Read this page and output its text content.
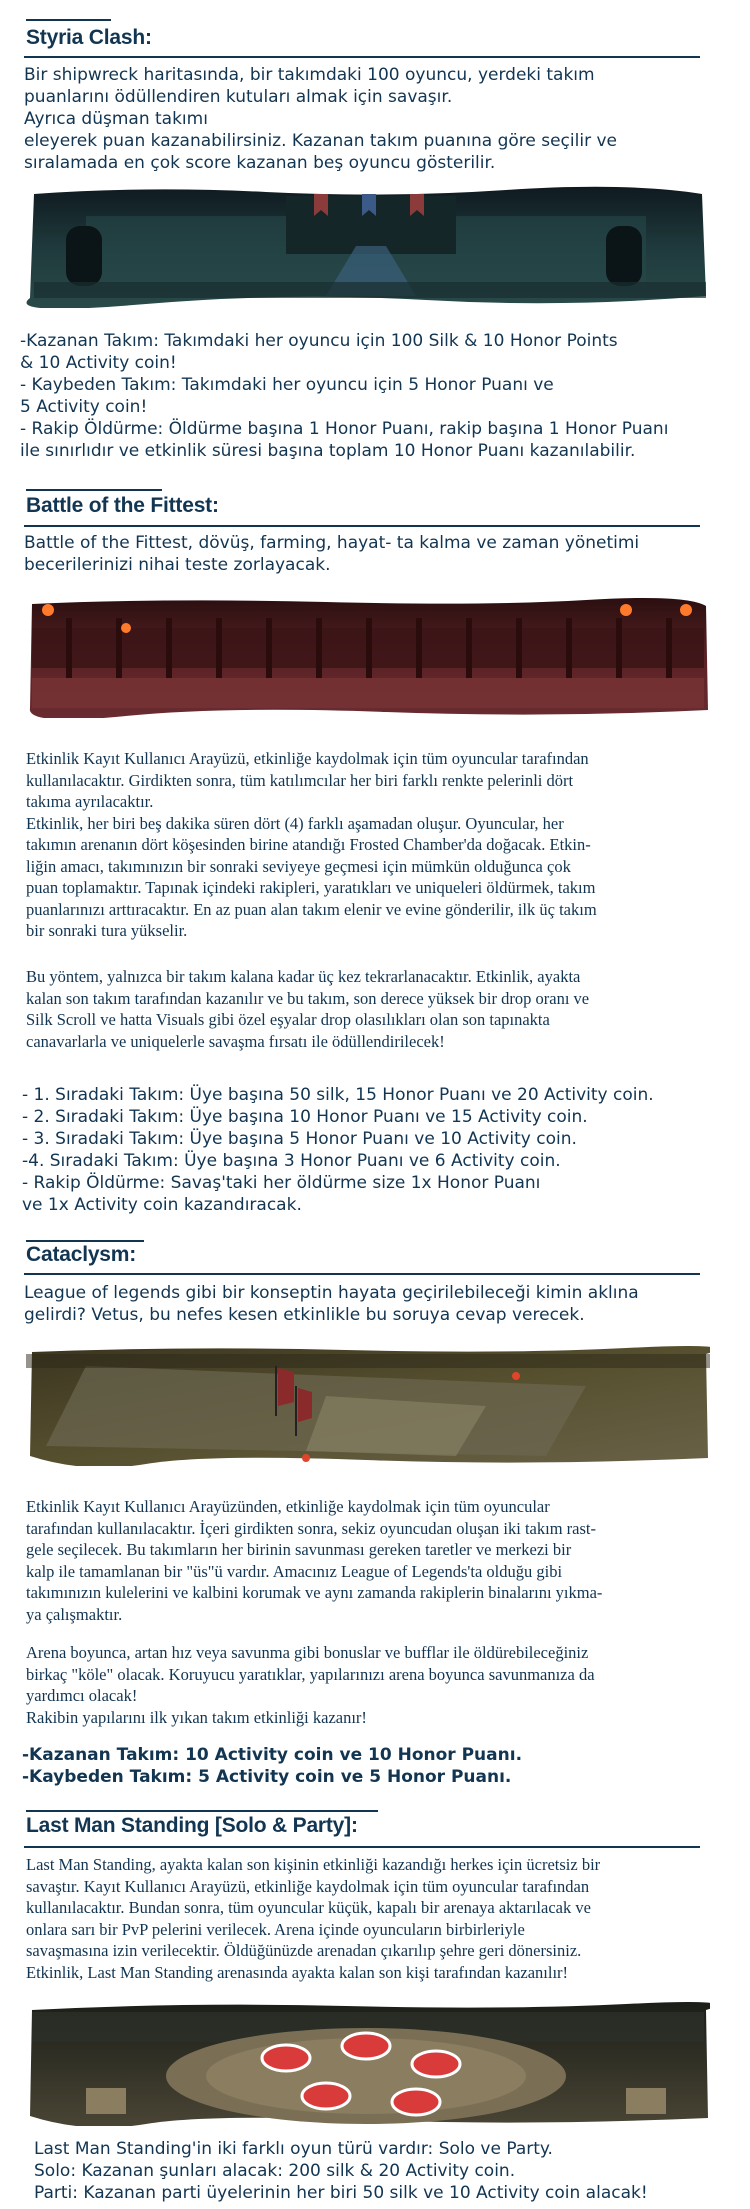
Styria Clash:
Bir shipwreck haritasında, bir takımdaki 100 oyuncu, yerdeki takım
puanlarını ödüllendiren kutuları almak için savaşır.
Ayrıca düşman takımı
eleyerek puan kazanabilirsiniz. Kazanan takım puanına göre seçilir ve
sıralamada en çok score kazanan beş oyuncu gösterilir.
-Kazanan Takım: Takımdaki her oyuncu için 100 Silk & 10 Honor Points
& 10 Activity coin!
- Kaybeden Takım: Takımdaki her oyuncu için 5 Honor Puanı ve
5 Activity coin!
- Rakip Öldürme: Öldürme başına 1 Honor Puanı, rakip başına 1 Honor Puanı
ile sınırlıdır ve etkinlik süresi başına toplam 10 Honor Puanı kazanılabilir.
Battle of the Fittest:
Battle of the Fittest, dövüş, farming, hayat- ta kalma ve zaman yönetimi
becerilerinizi nihai teste zorlayacak.
Etkinlik Kayıt Kullanıcı Arayüzü, etkinliğe kaydolmak için tüm oyuncular tarafından
kullanılacaktır. Girdikten sonra, tüm katılımcılar her biri farklı renkte pelerinli dört
takıma ayrılacaktır.
Etkinlik, her biri beş dakika süren dört (4) farklı aşamadan oluşur. Oyuncular, her
takımın arenanın dört köşesinden birine atandığı Frosted Chamber'da doğacak. Etkin-
liğin amacı, takımınızın bir sonraki seviyeye geçmesi için mümkün olduğunca çok
puan toplamaktır. Tapınak içindeki rakipleri, yaratıkları ve uniqueleri öldürmek, takım
puanlarınızı arttıracaktır. En az puan alan takım elenir ve evine gönderilir, ilk üç takım
bir sonraki tura yükselir.
Bu yöntem, yalnızca bir takım kalana kadar üç kez tekrarlanacaktır. Etkinlik, ayakta
kalan son takım tarafından kazanılır ve bu takım, son derece yüksek bir drop oranı ve
Silk Scroll ve hatta Visuals gibi özel eşyalar drop olasılıkları olan son tapınakta
canavarlarla ve uniquelerle savaşma fırsatı ile ödüllendirilecek!
- 1. Sıradaki Takım: Üye başına 50 silk, 15 Honor Puanı ve 20 Activity coin.
- 2. Sıradaki Takım: Üye başına 10 Honor Puanı ve 15 Activity coin.
- 3. Sıradaki Takım: Üye başına 5 Honor Puanı ve 10 Activity coin.
-4. Sıradaki Takım: Üye başına 3 Honor Puanı ve 6 Activity coin.
- Rakip Öldürme: Savaş'taki her öldürme size 1x Honor Puanı
ve 1x Activity coin kazandıracak.
Cataclysm:
League of legends gibi bir konseptin hayata geçirilebileceği kimin aklına
gelirdi? Vetus, bu nefes kesen etkinlikle bu soruya cevap verecek.
Etkinlik Kayıt Kullanıcı Arayüzünden, etkinliğe kaydolmak için tüm oyuncular
tarafından kullanılacaktır. İçeri girdikten sonra, sekiz oyuncudan oluşan iki takım rast-
gele seçilecek. Bu takımların her birinin savunması gereken taretler ve merkezi bir
kalp ile tamamlanan bir "üs"ü vardır. Amacınız League of Legends'ta olduğu gibi
takımınızın kulelerini ve kalbini korumak ve aynı zamanda rakiplerin binalarını yıkma-
ya çalışmaktır.
Arena boyunca, artan hız veya savunma gibi bonuslar ve bufflar ile öldürebileceğiniz
birkaç "köle" olacak. Koruyucu yaratıklar, yapılarınızı arena boyunca savunmanıza da
yardımcı olacak!
Rakibin yapılarını ilk yıkan takım etkinliği kazanır!
-Kazanan Takım: 10 Activity coin ve 10 Honor Puanı.
-Kaybeden Takım: 5 Activity coin ve 5 Honor Puanı.
Last Man Standing [Solo & Party]:
Last Man Standing, ayakta kalan son kişinin etkinliği kazandığı herkes için ücretsiz bir
savaştır. Kayıt Kullanıcı Arayüzü, etkinliğe kaydolmak için tüm oyuncular tarafından
kullanılacaktır. Bundan sonra, tüm oyuncular küçük, kapalı bir arenaya aktarılacak ve
onlara sarı bir PvP pelerini verilecek. Arena içinde oyuncuların birbirleriyle
savaşmasına izin verilecektir. Öldüğünüzde arenadan çıkarılıp şehre geri dönersiniz.
Etkinlik, Last Man Standing arenasında ayakta kalan son kişi tarafından kazanılır!
Last Man Standing'in iki farklı oyun türü vardır: Solo ve Party.
Solo: Kazanan şunları alacak: 200 silk & 20 Activity coin.
Parti: Kazanan parti üyelerinin her biri 50 silk ve 10 Activity coin alacak!
